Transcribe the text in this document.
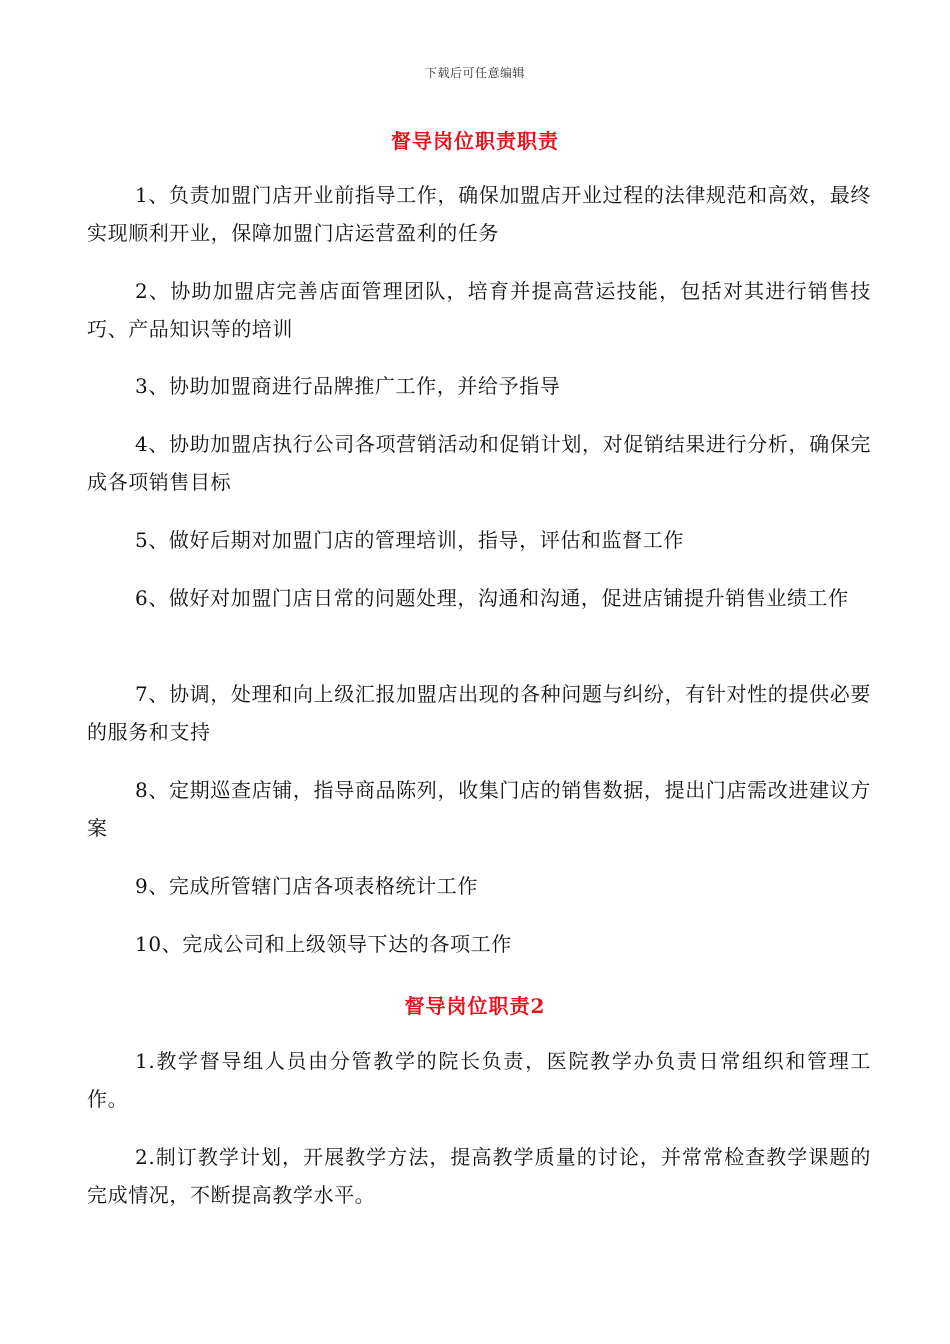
下载后可任意编辑
督导岗位职责职责

1、负责加盟门店开业前指导工作，确保加盟店开业过程的法律规范和高效，最终实现顺利开业，保障加盟门店运营盈利的任务

2、协助加盟店完善店面管理团队，培育并提高营运技能，包括对其进行销售技巧、产品知识等的培训

3、协助加盟商进行品牌推广工作，并给予指导

4、协助加盟店执行公司各项营销活动和促销计划，对促销结果进行分析，确保完成各项销售目标

5、做好后期对加盟门店的管理培训，指导，评估和监督工作

6、做好对加盟门店日常的问题处理，沟通和沟通，促进店铺提升销售业绩工作

7、协调，处理和向上级汇报加盟店出现的各种问题与纠纷，有针对性的提供必要的服务和支持

8、定期巡查店铺，指导商品陈列，收集门店的销售数据，提出门店需改进建议方案

9、完成所管辖门店各项表格统计工作

10、完成公司和上级领导下达的各项工作

督导岗位职责2

1.教学督导组人员由分管教学的院长负责，医院教学办负责日常组织和管理工作。

2.制订教学计划，开展教学方法，提高教学质量的讨论，并常常检查教学课题的完成情况，不断提高教学水平。
